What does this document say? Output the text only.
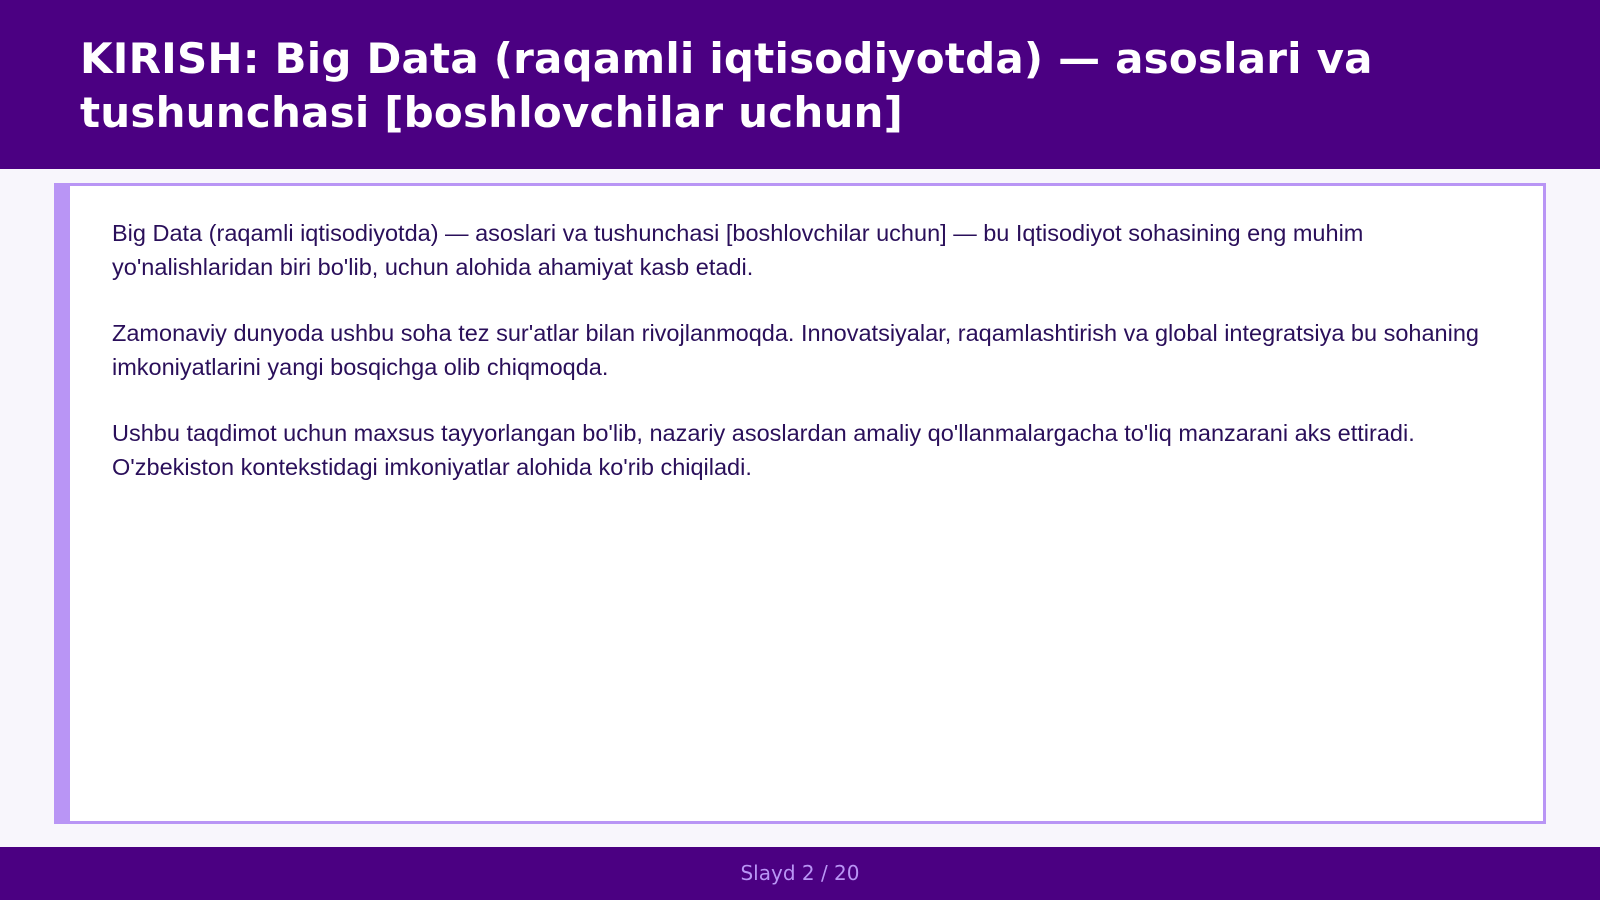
KIRISH: Big Data (raqamli iqtisodiyotda) — asoslari va tushunchasi [boshlovchilar uchun]

Big Data (raqamli iqtisodiyotda) — asoslari va tushunchasi [boshlovchilar uchun] — bu Iqtisodiyot sohasining eng muhim yo'nalishlaridan biri bo'lib, uchun alohida ahamiyat kasb etadi.

Zamonaviy dunyoda ushbu soha tez sur'atlar bilan rivojlanmoqda. Innovatsiyalar, raqamlashtirish va global integratsiya bu sohaning imkoniyatlarini yangi bosqichga olib chiqmoqda.

Ushbu taqdimot uchun maxsus tayyorlangan bo'lib, nazariy asoslardan amaliy qo'llanmalargacha to'liq manzarani aks ettiradi. O'zbekiston kontekstidagi imkoniyatlar alohida ko'rib chiqiladi.

Slayd 2 / 20
